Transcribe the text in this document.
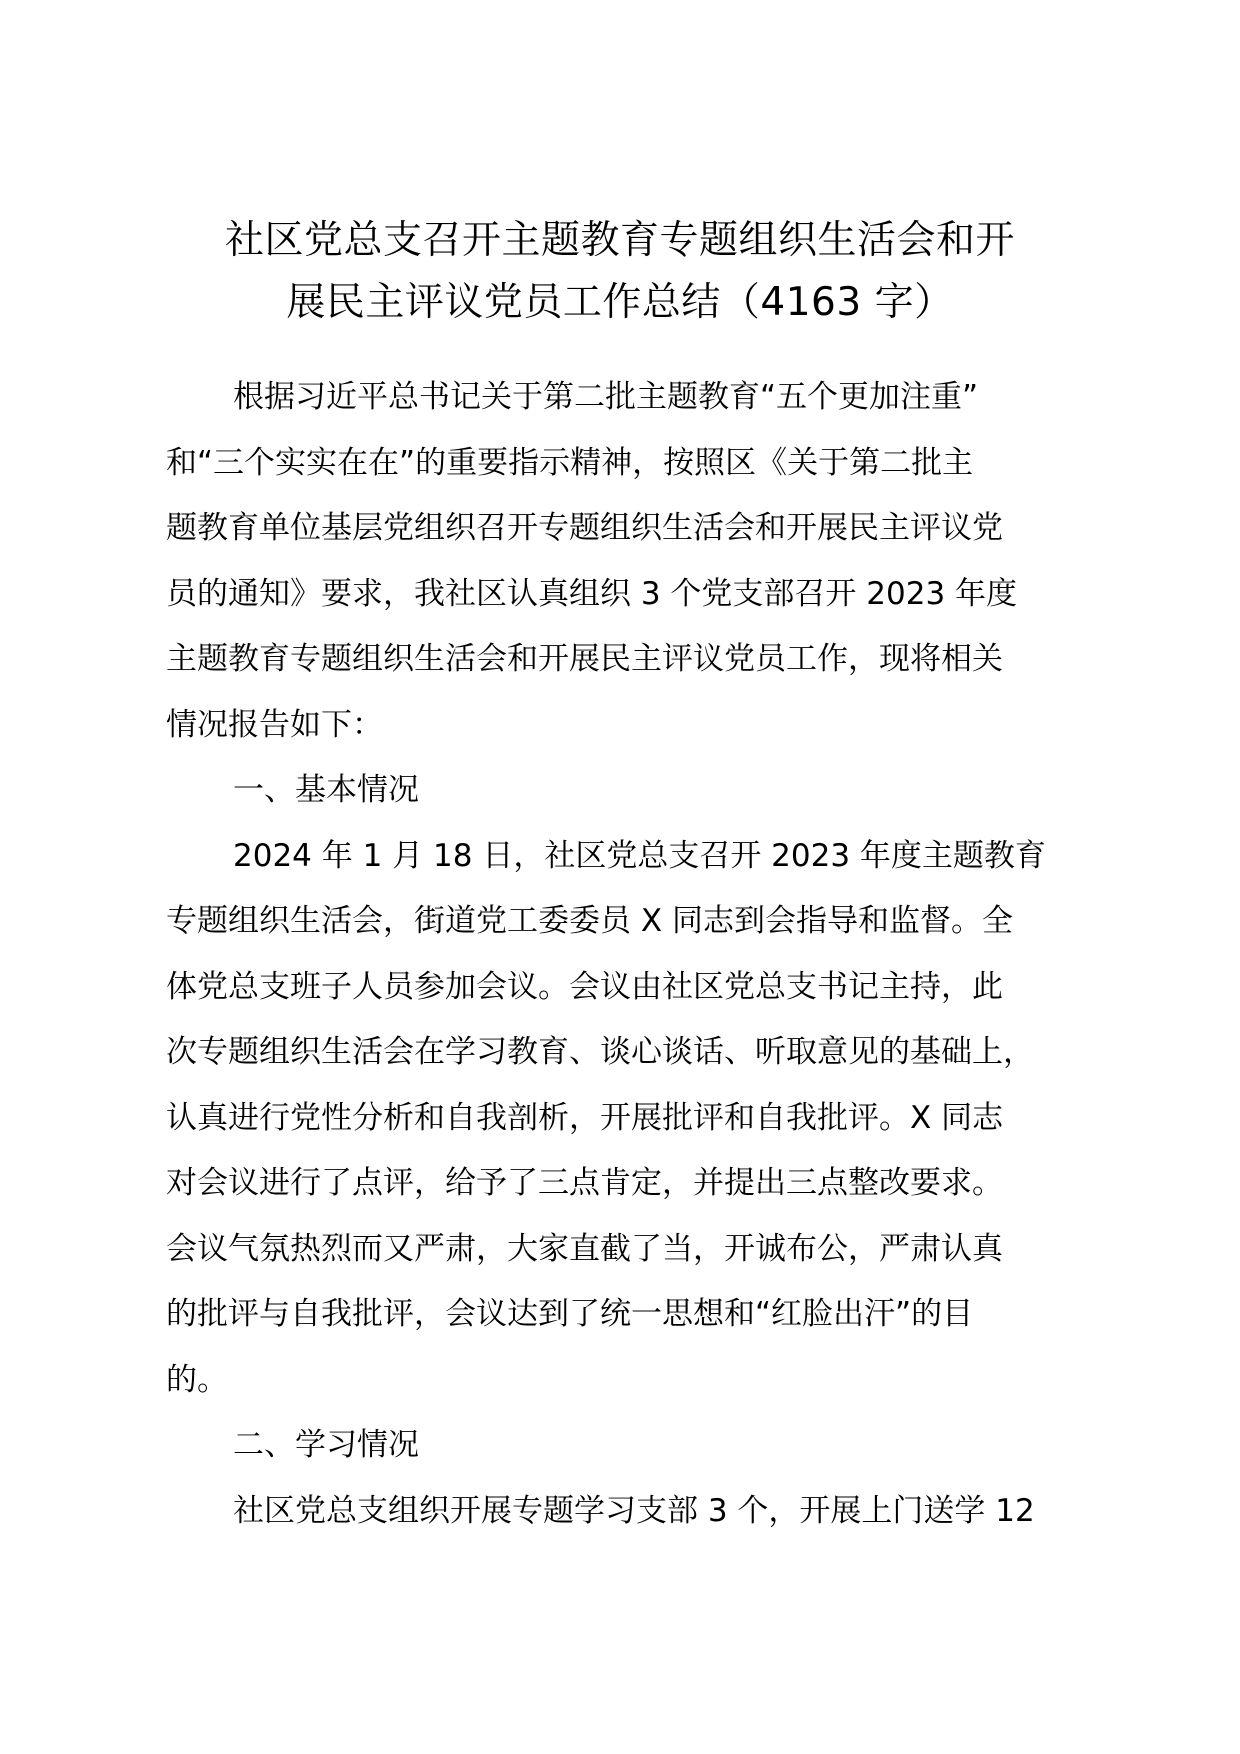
社区党总支召开主题教育专题组织生活会和开
展民主评议党员工作总结（4163 字）
根据习近平总书记关于第二批主题教育“五个更加注重”
和“三个实实在在”的重要指示精神，按照区《关于第二批主
题教育单位基层党组织召开专题组织生活会和开展民主评议党
员的通知》要求，我社区认真组织 3 个党支部召开 2023 年度
主题教育专题组织生活会和开展民主评议党员工作，现将相关
情况报告如下：
一、基本情况
2024 年 1 月 18 日，社区党总支召开 2023 年度主题教育
专题组织生活会，街道党工委委员 X 同志到会指导和监督。全
体党总支班子人员参加会议。会议由社区党总支书记主持，此
次专题组织生活会在学习教育、谈心谈话、听取意见的基础上，
认真进行党性分析和自我剖析，开展批评和自我批评。X 同志
对会议进行了点评，给予了三点肯定，并提出三点整改要求。
会议气氛热烈而又严肃，大家直截了当，开诚布公，严肃认真
的批评与自我批评，会议达到了统一思想和“红脸出汗”的目
的。
二、学习情况
社区党总支组织开展专题学习支部 3 个，开展上门送学 12
